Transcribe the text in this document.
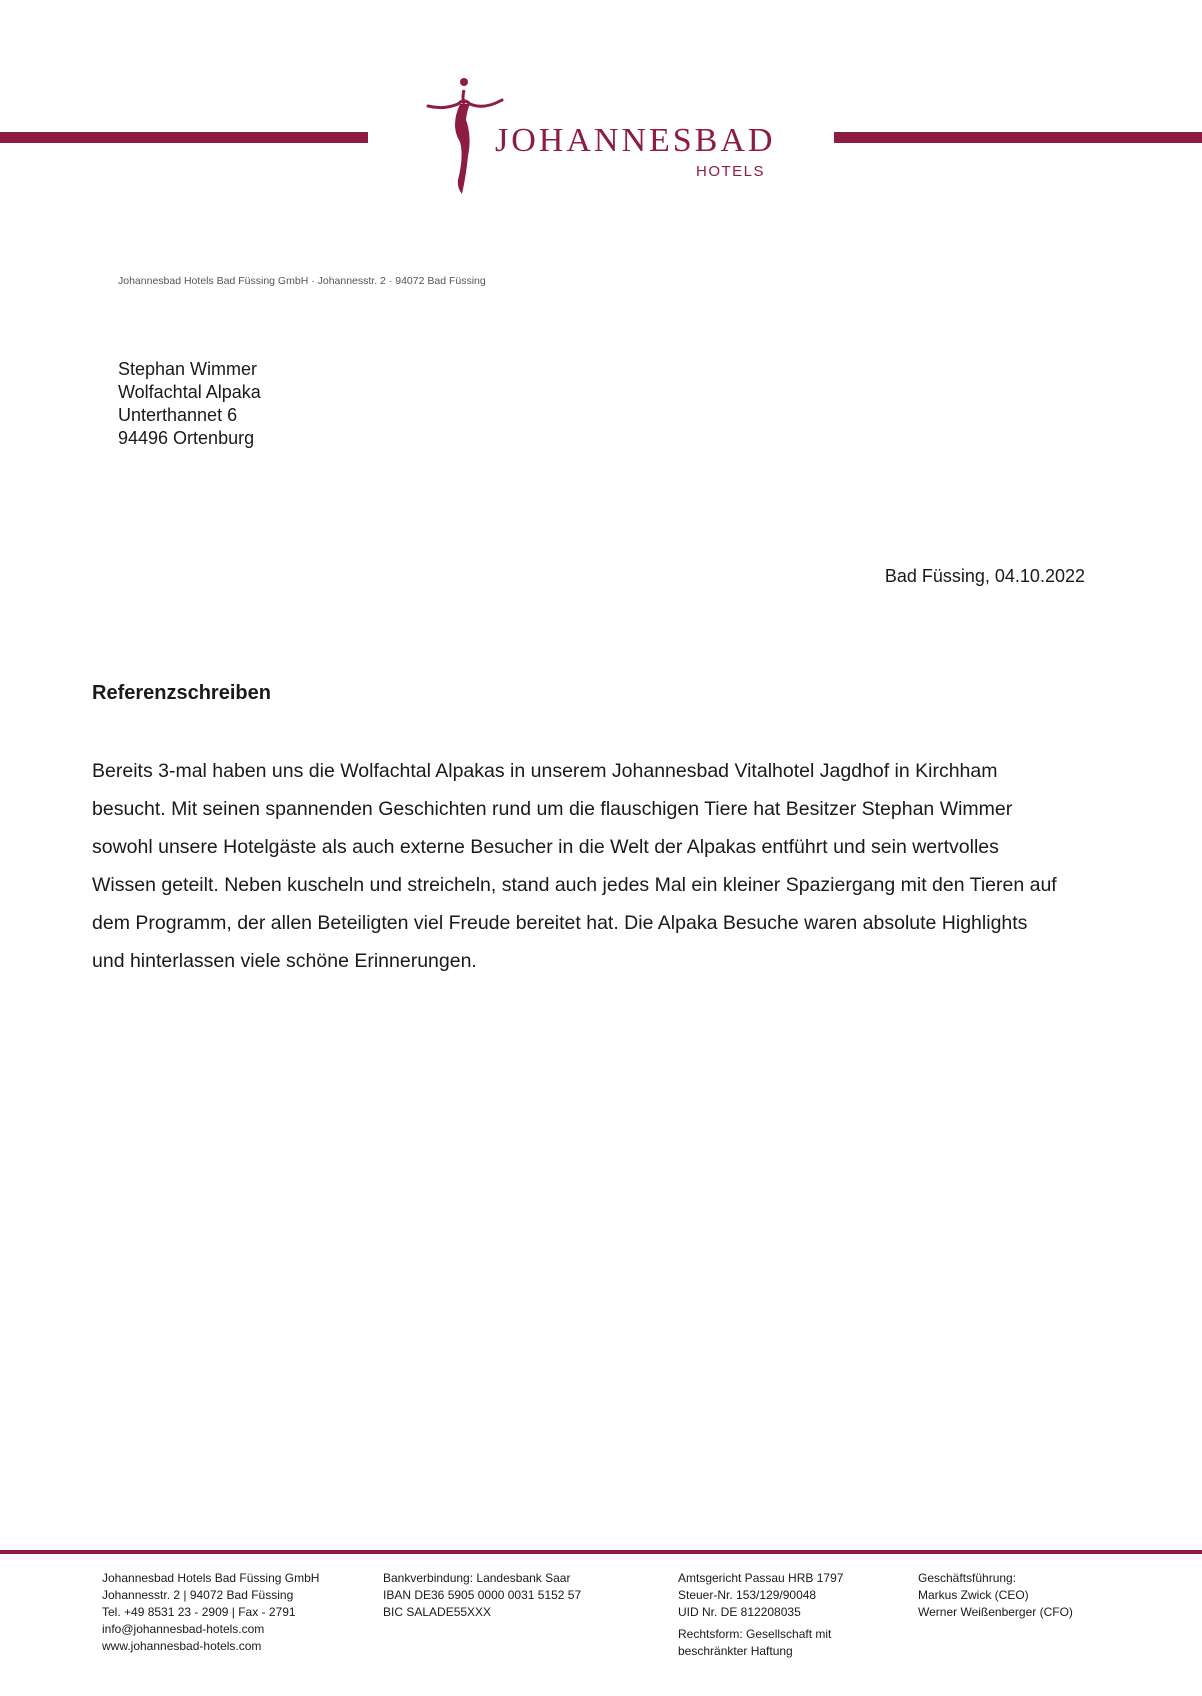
JOHANNESBAD
HOTELS
Johannesbad Hotels Bad Füssing GmbH · Johannesstr. 2 · 94072 Bad Füssing
Stephan Wimmer
Wolfachtal Alpaka
Unterthannet 6
94496 Ortenburg
Bad Füssing, 04.10.2022
Referenzschreiben
Bereits 3-mal haben uns die Wolfachtal Alpakas in unserem Johannesbad Vitalhotel Jagdhof in Kirchham
besucht. Mit seinen spannenden Geschichten rund um die flauschigen Tiere hat Besitzer Stephan Wimmer
sowohl unsere Hotelgäste als auch externe Besucher in die Welt der Alpakas entführt und sein wertvolles
Wissen geteilt. Neben kuscheln und streicheln, stand auch jedes Mal ein kleiner Spaziergang mit den Tieren auf
dem Programm, der allen Beteiligten viel Freude bereitet hat. Die Alpaka Besuche waren absolute Highlights
und hinterlassen viele schöne Erinnerungen.
Johannesbad Hotels Bad Füssing GmbH
Johannesstr. 2 | 94072 Bad Füssing
Tel. +49 8531 23 - 2909 | Fax - 2791
info@johannesbad-hotels.com
www.johannesbad-hotels.com
Bankverbindung: Landesbank Saar
IBAN DE36 5905 0000 0031 5152 57
BIC SALADE55XXX
Amtsgericht Passau HRB 1797
Steuer-Nr. 153/129/90048
UID Nr. DE 812208035
Rechtsform: Gesellschaft mit
beschränkter Haftung
Geschäftsführung:
Markus Zwick (CEO)
Werner Weißenberger (CFO)
